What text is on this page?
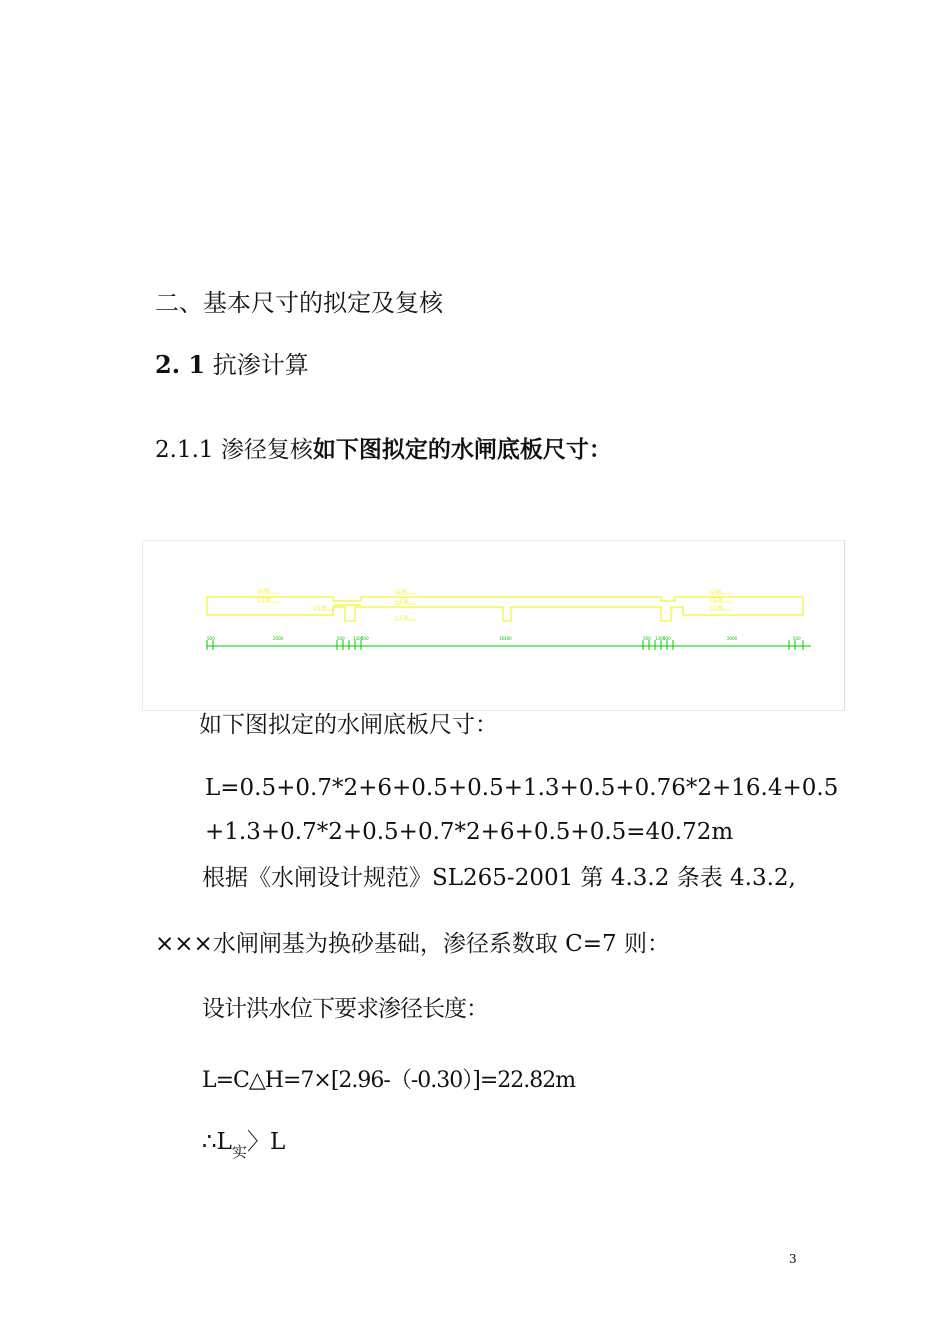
二、基本尺寸的拟定及复核
2. 1 抗渗计算
2.1.1 渗径复核如下图拟定的水闸底板尺寸：
▽2.96
▽-2.50
▽-2.90
▽2.96
▽-0.30
▽-1.50
▽2.96
▽-2.50
▽-2.90
500	2000	500 1300
500	16400	500 1300
500	2000	500
如下图拟定的水闸底板尺寸：
L=0.5+0.7*2+6+0.5+0.5+1.3+0.5+0.76*2+16.4+0.5
+1.3+0.7*2+0.5+0.7*2+6+0.5+0.5=40.72m
根据《水闸设计规范》SL265-2001 第 4.3.2 条表 4.3.2,
×××水闸闸基为换砂基础，渗径系数取 C=7 则：
设计洪水位下要求渗径长度：
L=C△H=7×[2.96-（-0.30）]=22.82m
$\therefore L_实$〉L
3
